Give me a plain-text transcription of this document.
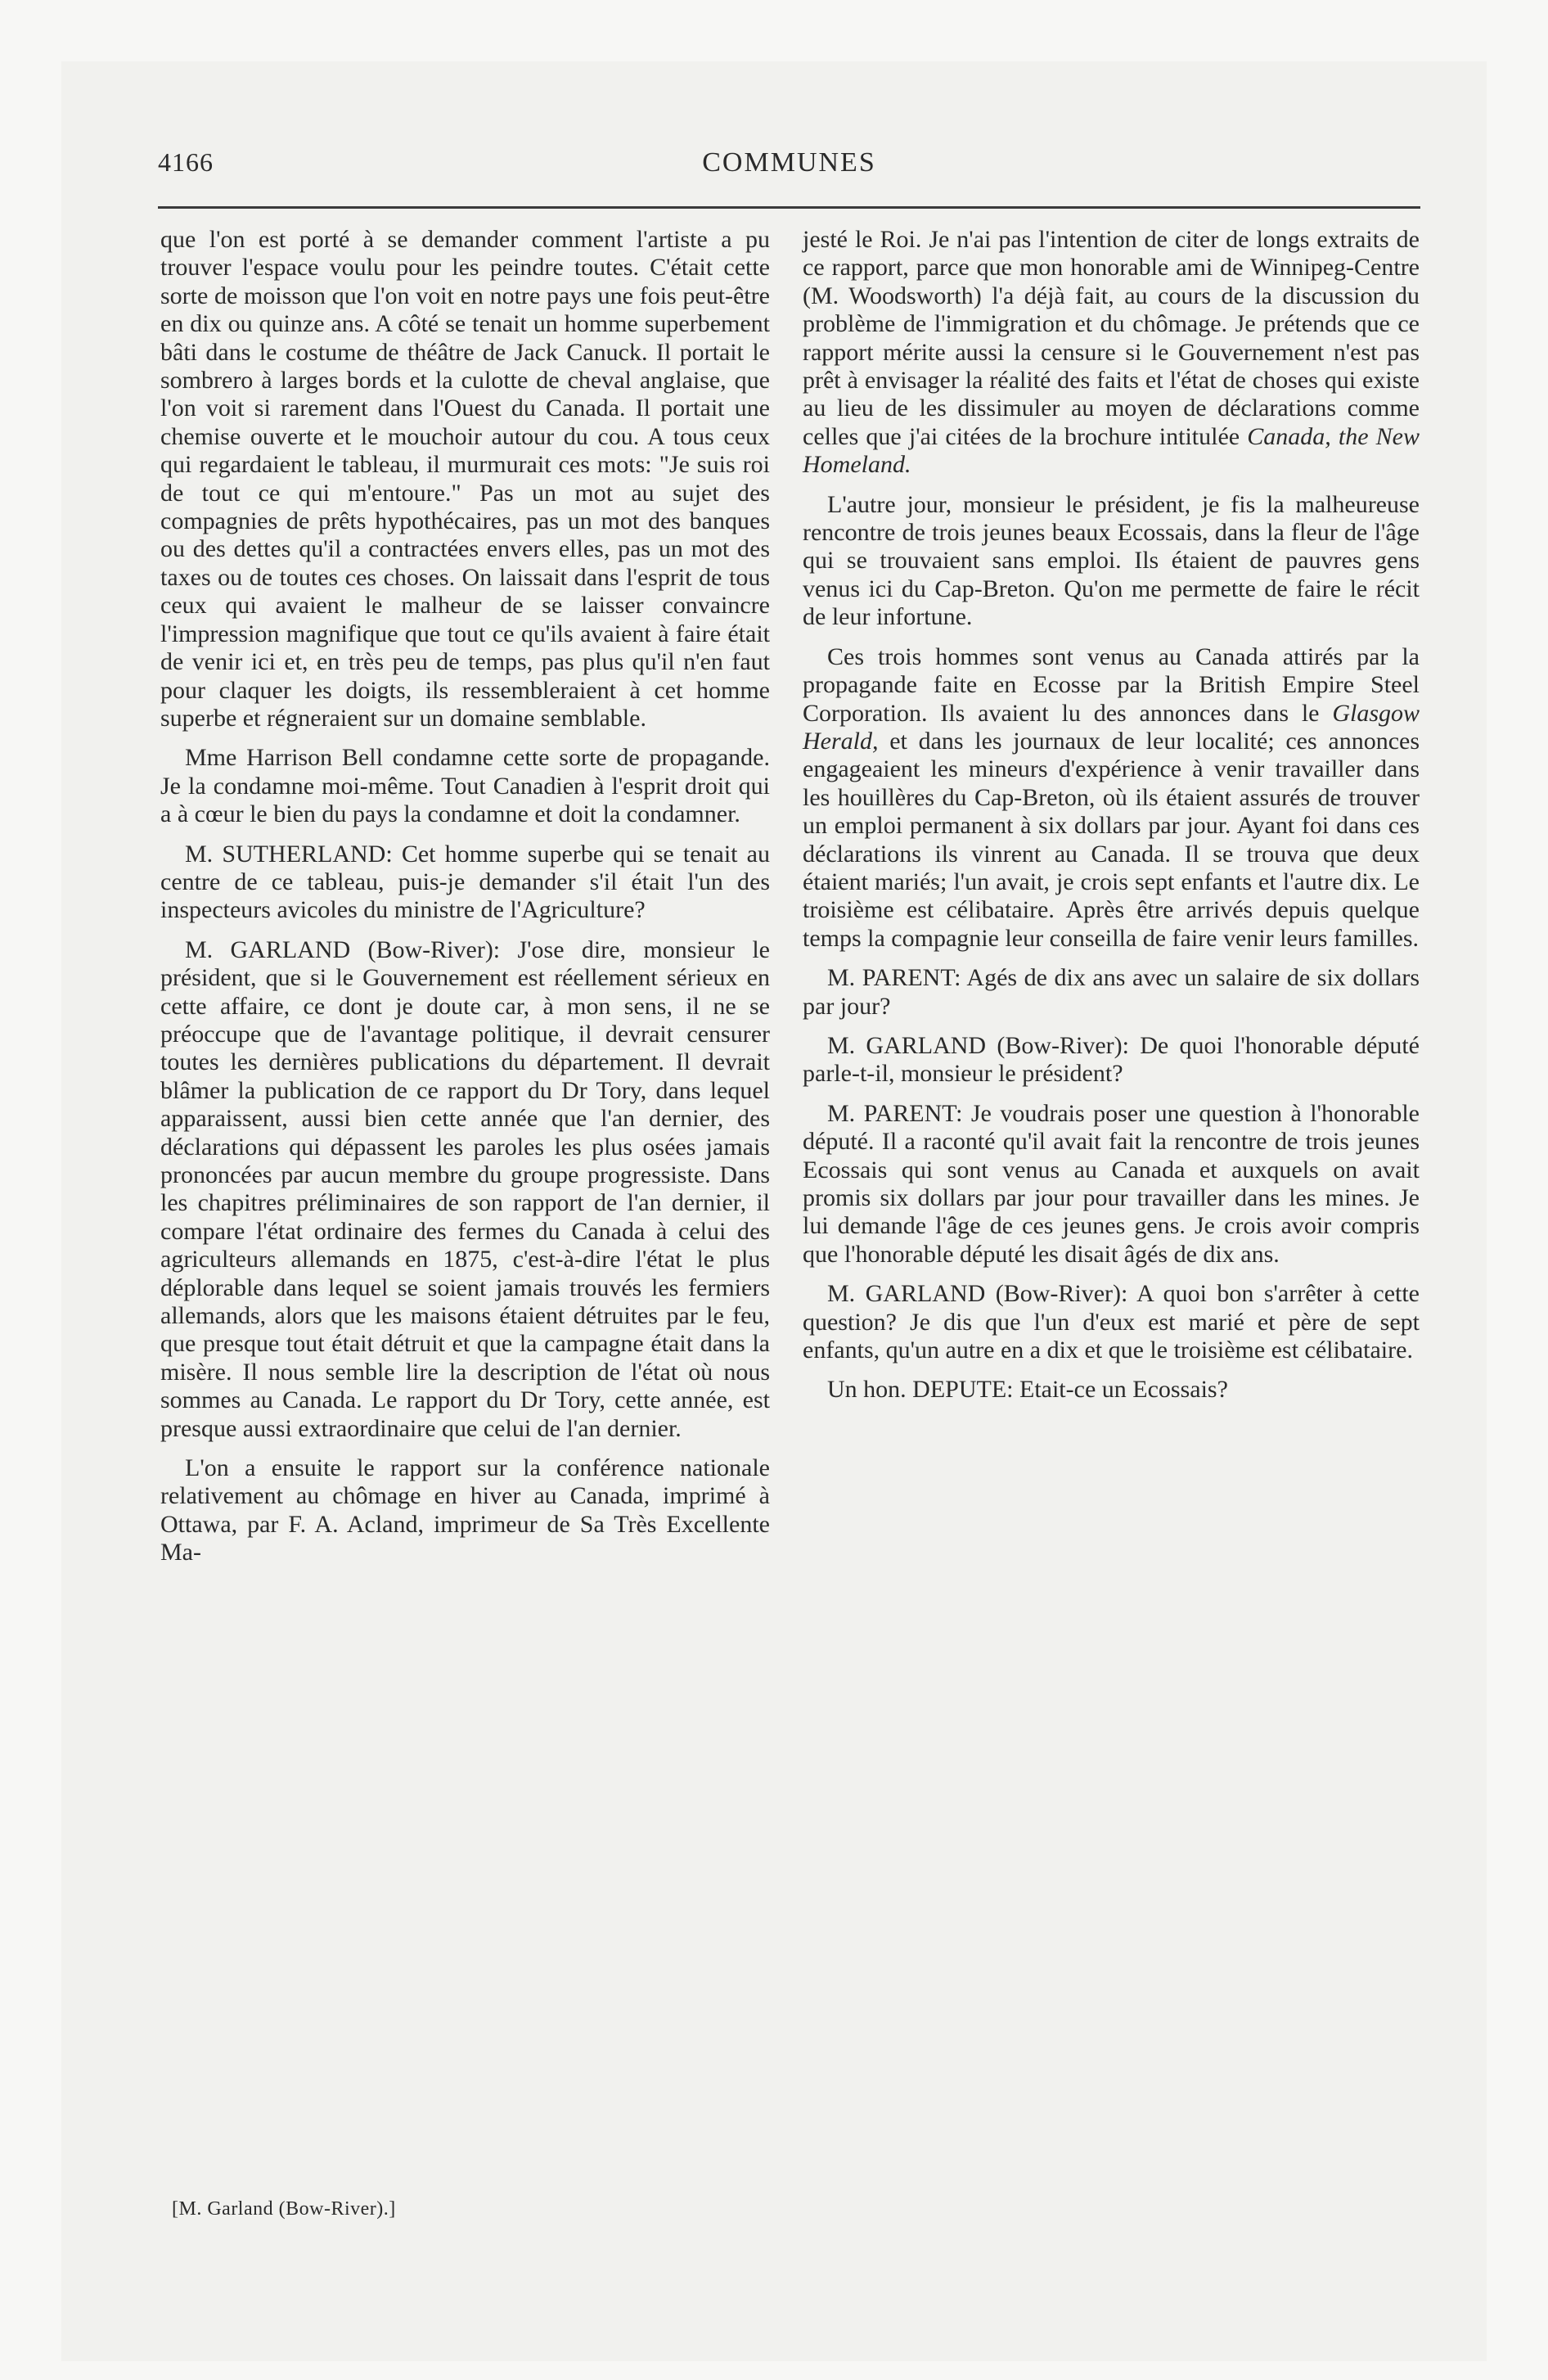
4166	COMMUNES

que l'on est porté à se demander comment l'artiste a pu trouver l'espace voulu pour les peindre toutes. C'était cette sorte de moisson que l'on voit en notre pays une fois peut-être en dix ou quinze ans. A côté se tenait un homme superbement bâti dans le costume de théâtre de Jack Canuck. Il portait le sombrero à larges bords et la culotte de cheval anglaise, que l'on voit si rarement dans l'Ouest du Canada. Il portait une chemise ouverte et le mouchoir autour du cou. A tous ceux qui regardaient le tableau, il murmurait ces mots: "Je suis roi de tout ce qui m'entoure." Pas un mot au sujet des compagnies de prêts hypothécaires, pas un mot des banques ou des dettes qu'il a contractées envers elles, pas un mot des taxes ou de toutes ces choses. On laissait dans l'esprit de tous ceux qui avaient le malheur de se laisser convaincre l'impression magnifique que tout ce qu'ils avaient à faire était de venir ici et, en très peu de temps, pas plus qu'il n'en faut pour claquer les doigts, ils ressembleraient à cet homme superbe et régneraient sur un domaine semblable.

Mme Harrison Bell condamne cette sorte de propagande. Je la condamne moi-même. Tout Canadien à l'esprit droit qui a à cœur le bien du pays la condamne et doit la condamner.

M. SUTHERLAND: Cet homme superbe qui se tenait au centre de ce tableau, puis-je demander s'il était l'un des inspecteurs avicoles du ministre de l'Agriculture?

M. GARLAND (Bow-River): J'ose dire, monsieur le président, que si le Gouvernement est réellement sérieux en cette affaire, ce dont je doute car, à mon sens, il ne se préoccupe que de l'avantage politique, il devrait censurer toutes les dernières publications du département. Il devrait blâmer la publication de ce rapport du Dr Tory, dans lequel apparaissent, aussi bien cette année que l'an dernier, des déclarations qui dépassent les paroles les plus osées jamais prononcées par aucun membre du groupe progressiste. Dans les chapitres préliminaires de son rapport de l'an dernier, il compare l'état ordinaire des fermes du Canada à celui des agriculteurs allemands en 1875, c'est-à-dire l'état le plus déplorable dans lequel se soient jamais trouvés les fermiers allemands, alors que les maisons étaient détruites par le feu, que presque tout était détruit et que la campagne était dans la misère. Il nous semble lire la description de l'état où nous sommes au Canada. Le rapport du Dr Tory, cette année, est presque aussi extraordinaire que celui de l'an dernier.

L'on a ensuite le rapport sur la conférence nationale relativement au chômage en hiver au Canada, imprimé à Ottawa, par F. A. Acland, imprimeur de Sa Très Excellente Ma-

jesté le Roi. Je n'ai pas l'intention de citer de longs extraits de ce rapport, parce que mon honorable ami de Winnipeg-Centre (M. Woodsworth) l'a déjà fait, au cours de la discussion du problème de l'immigration et du chômage. Je prétends que ce rapport mérite aussi la censure si le Gouvernement n'est pas prêt à envisager la réalité des faits et l'état de choses qui existe au lieu de les dissimuler au moyen de déclarations comme celles que j'ai citées de la brochure intitulée Canada, the New Homeland.

L'autre jour, monsieur le président, je fis la malheureuse rencontre de trois jeunes beaux Ecossais, dans la fleur de l'âge qui se trouvaient sans emploi. Ils étaient de pauvres gens venus ici du Cap-Breton. Qu'on me permette de faire le récit de leur infortune.

Ces trois hommes sont venus au Canada attirés par la propagande faite en Ecosse par la British Empire Steel Corporation. Ils avaient lu des annonces dans le Glasgow Herald, et dans les journaux de leur localité; ces annonces engageaient les mineurs d'expérience à venir travailler dans les houillères du Cap-Breton, où ils étaient assurés de trouver un emploi permanent à six dollars par jour. Ayant foi dans ces déclarations ils vinrent au Canada. Il se trouva que deux étaient mariés; l'un avait, je crois sept enfants et l'autre dix. Le troisième est célibataire. Après être arrivés depuis quelque temps la compagnie leur conseilla de faire venir leurs familles.

M. PARENT: Agés de dix ans avec un salaire de six dollars par jour?

M. GARLAND (Bow-River): De quoi l'honorable député parle-t-il, monsieur le président?

M. PARENT: Je voudrais poser une question à l'honorable député. Il a raconté qu'il avait fait la rencontre de trois jeunes Ecossais qui sont venus au Canada et auxquels on avait promis six dollars par jour pour travailler dans les mines. Je lui demande l'âge de ces jeunes gens. Je crois avoir compris que l'honorable député les disait âgés de dix ans.

M. GARLAND (Bow-River): A quoi bon s'arrêter à cette question? Je dis que l'un d'eux est marié et père de sept enfants, qu'un autre en a dix et que le troisième est célibataire.

Un hon. DEPUTE: Etait-ce un Ecossais?

[M. Garland (Bow-River).]
